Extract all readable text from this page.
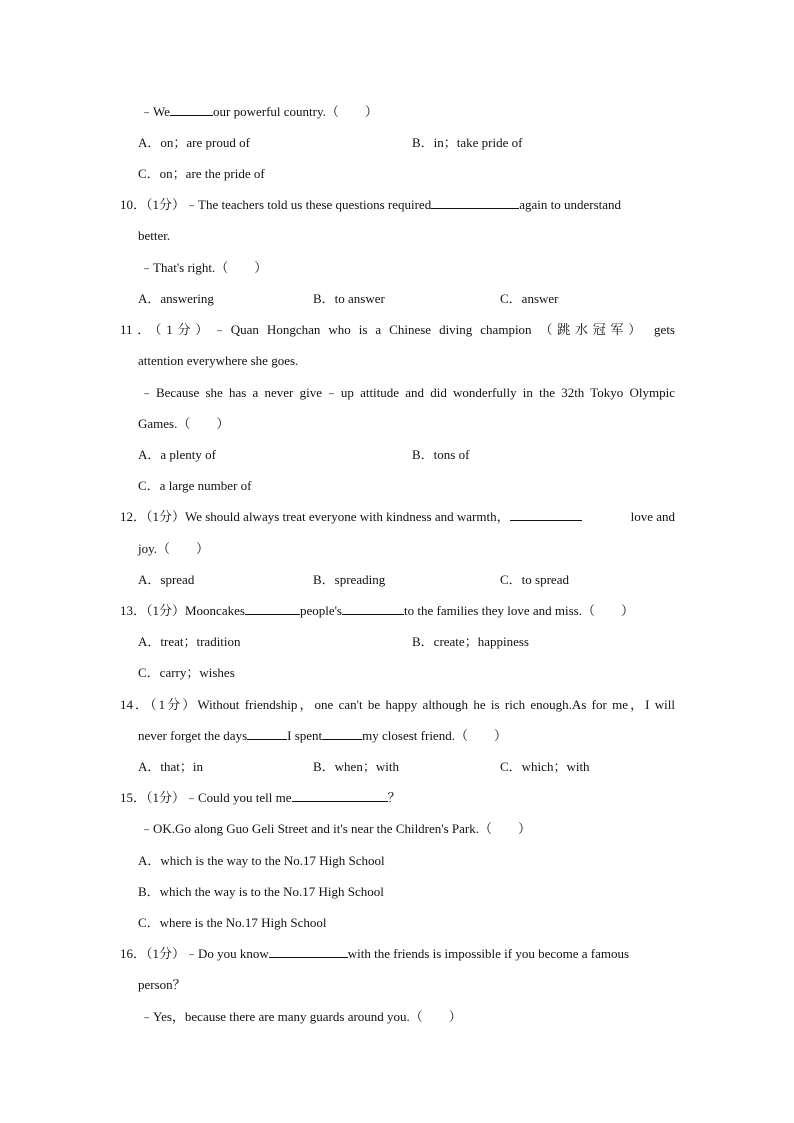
﹣We	our powerful country.（　　）
A．on；are proud of	B．in；take pride of
C．on；are the pride of
10．（1分）﹣The teachers told us these questions required	again to understand
better.
﹣That's right.（　　）
A．answering	B．to answer	C．answer
11．（1分）﹣Quan Hongchan who is a Chinese diving champion （跳水冠军） gets
attention everywhere she goes.
﹣Because she has a never give﹣up attitude and did wonderfully in the 32th Tokyo Olympic
Games.（　　）
A．a plenty of	B．tons of
C．a large number of
12．（1分）We should always treat everyone with kindness and warmth，	love and
joy.（　　）
A．spread	B．spreading	C．to spread
13．（1分）Mooncakes	people's	to the families they love and miss.（　　）
A．treat；tradition	B．create；happiness
C．carry；wishes
14．（1分）Without friendship，one can't be happy although he is rich enough.As for me，I will
never forget the days	I spent	my closest friend.（　　）
A．that；in	B．when；with	C．which；with
15．（1分）﹣Could you tell me	？
﹣OK.Go along Guo Geli Street and it's near the Children's Park.（　　）
A．which is the way to the No.17 High School
B．which the way is to the No.17 High School
C．where is the No.17 High School
16．（1分）﹣Do you know	with the friends is impossible if you become a famous
person？
﹣Yes，because there are many guards around you.（　　）
